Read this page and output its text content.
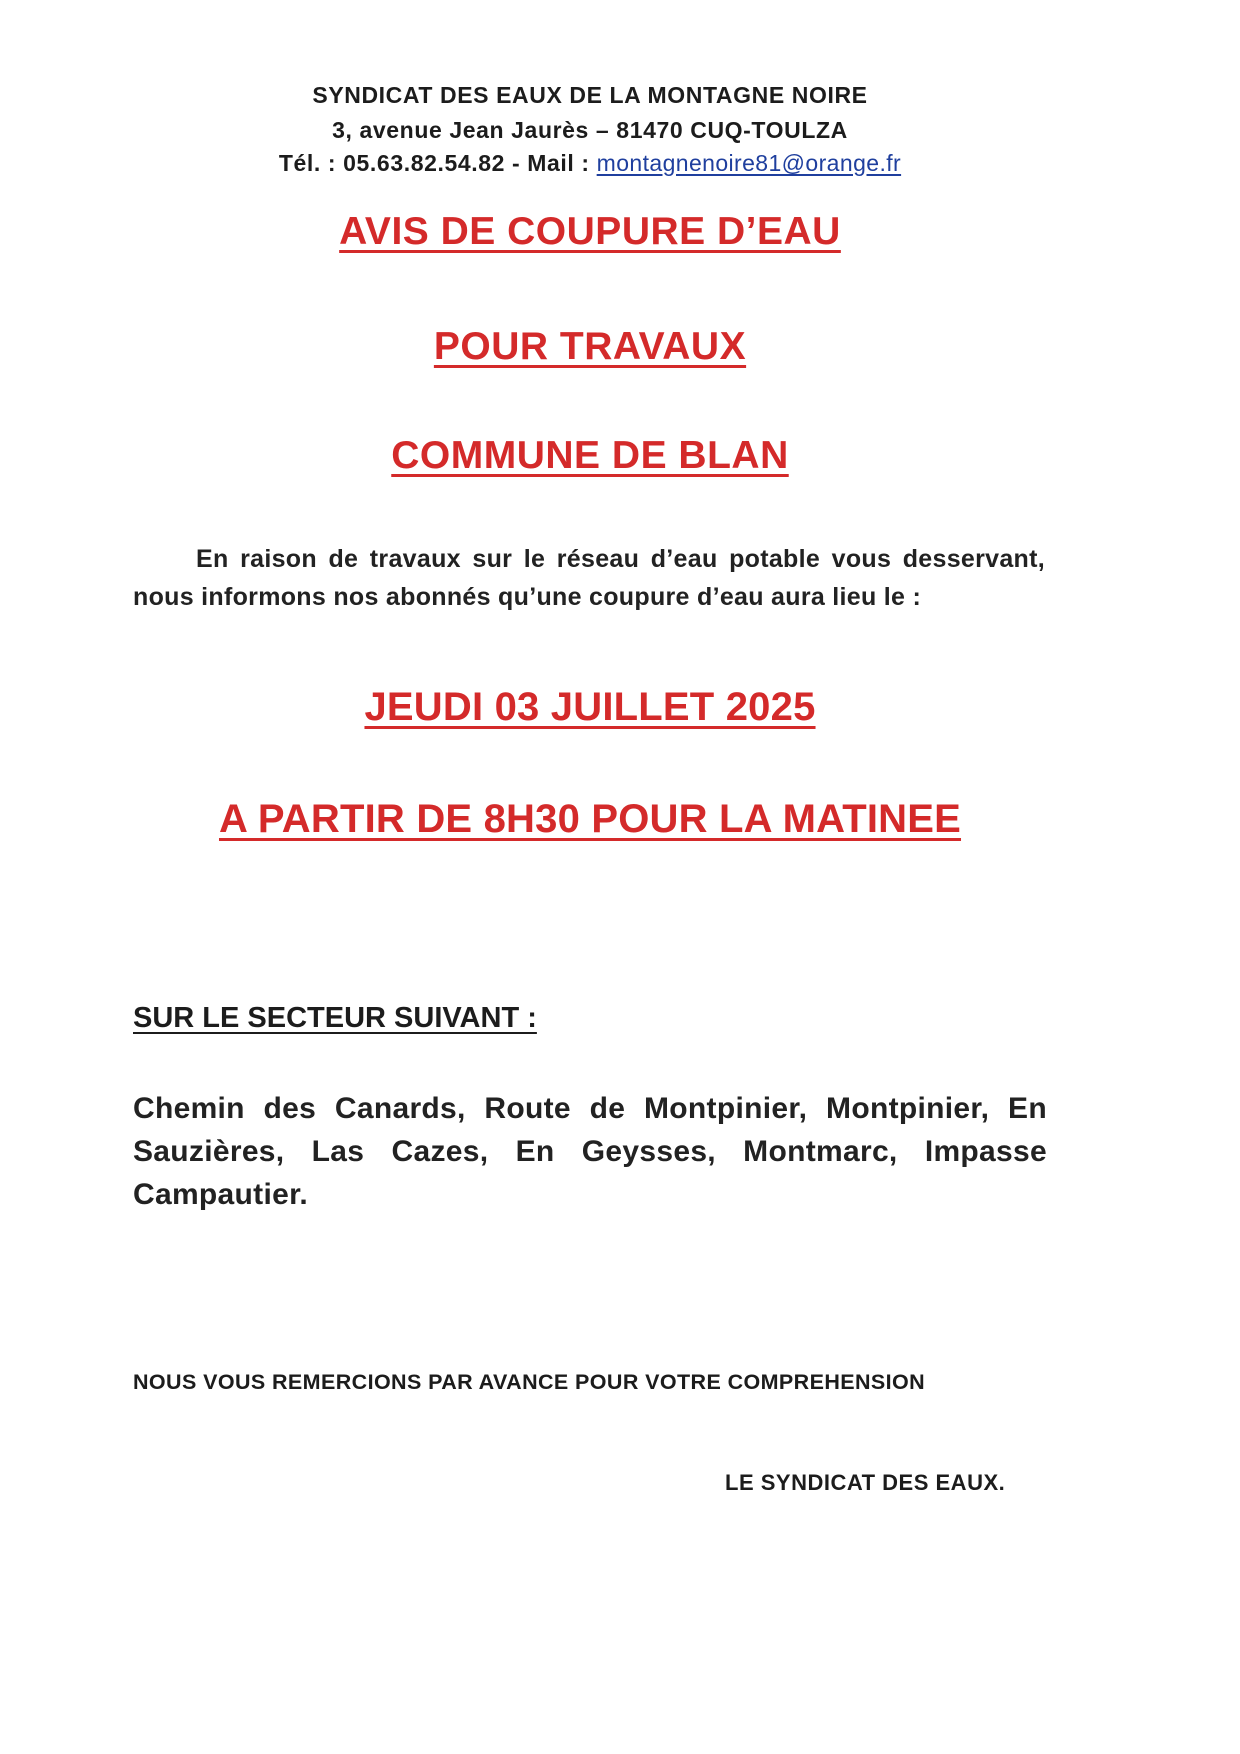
SYNDICAT DES EAUX DE LA MONTAGNE NOIRE
3, avenue Jean Jaurès – 81470 CUQ-TOULZA
Tél. : 05.63.82.54.82 - Mail : montagnenoire81@orange.fr
AVIS DE COUPURE D’EAU
POUR TRAVAUX
COMMUNE DE BLAN
En raison de travaux sur le réseau d’eau potable vous desservant, nous informons nos abonnés qu’une coupure d’eau aura lieu le :
JEUDI 03 JUILLET 2025
A PARTIR DE 8H30 POUR LA MATINEE
SUR LE SECTEUR SUIVANT :
Chemin des Canards, Route de Montpinier, Montpinier, En Sauzières, Las Cazes, En Geysses, Montmarc, Impasse Campautier.
NOUS VOUS REMERCIONS PAR AVANCE POUR VOTRE COMPREHENSION
LE SYNDICAT DES EAUX.
